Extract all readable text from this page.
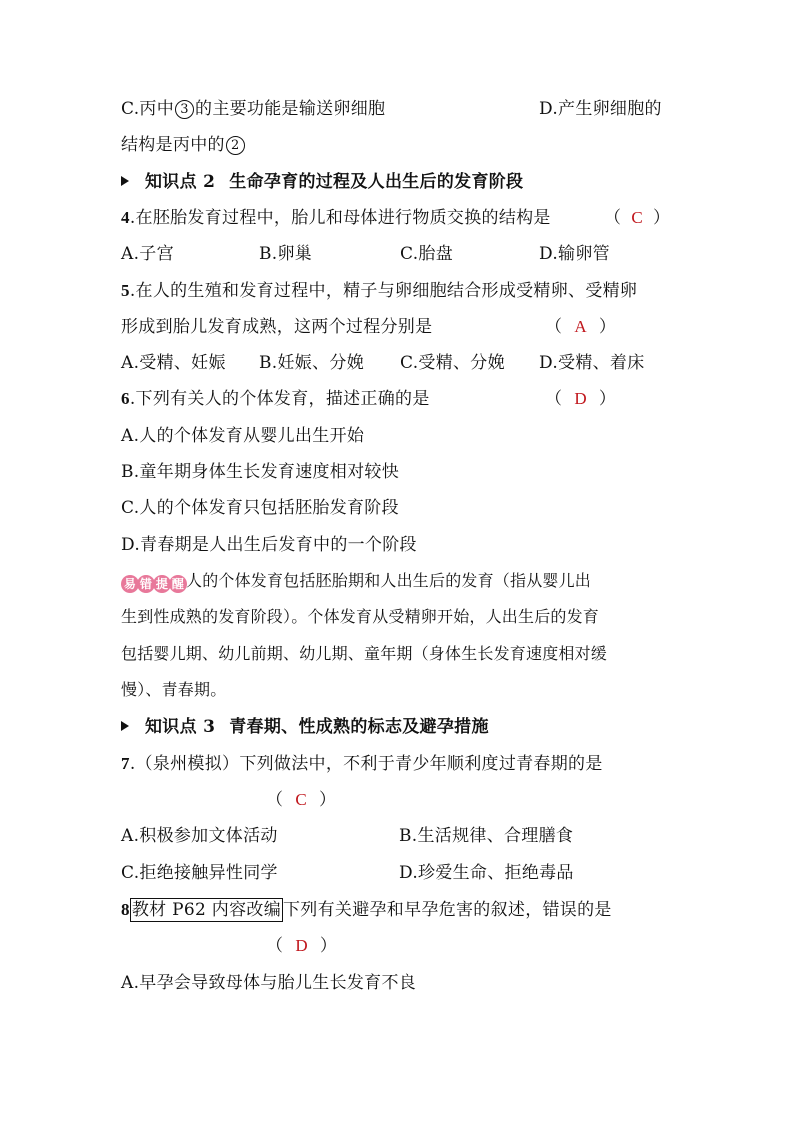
C.丙中 3 的主要功能是输送卵细胞	D.产生卵细胞的
结构是丙中的 2
知识点 2 生命孕育的过程及人出生后的发育阶段
4.在胚胎发育过程中，胎儿和母体进行物质交换的结构是	（ C ）
A.子宫	B.卵巢	C.胎盘	D.输卵管
5.在人的生殖和发育过程中，精子与卵细胞结合形成受精卵、受精卵
形成到胎儿发育成熟，这两个过程分别是	（ A ）
A.受精、妊娠 B.妊娠、分娩 C.受精、分娩 D.受精、着床
6.下列有关人的个体发育，描述正确的是	（ D ）
A.人的个体发育从婴儿出生开始
B.童年期身体生长发育速度相对较快
C.人的个体发育只包括胚胎发育阶段
D.青春期是人出生后发育中的一个阶段
易 错 提 醒 人的个体发育包括胚胎期和人出生后的发育（指从婴儿出
生到性成熟的发育阶段）。个体发育从受精卵开始，人出生后的发育
包括婴儿期、幼儿前期、幼儿期、童年期（身体生长发育速度相对缓
慢）、青春期。
知识点 3 青春期、性成熟的标志及避孕措施
7.（泉州模拟）下列做法中，不利于青少年顺利度过青春期的是
（ C ）
A.积极参加文体活动	B.生活规律、合理膳食
C.拒绝接触异性同学	D.珍爱生命、拒绝毒品
8 教材 P62 内容改编 下列有关避孕和早孕危害的叙述，错误的是
（ D ）
A.早孕会导致母体与胎儿生长发育不良
